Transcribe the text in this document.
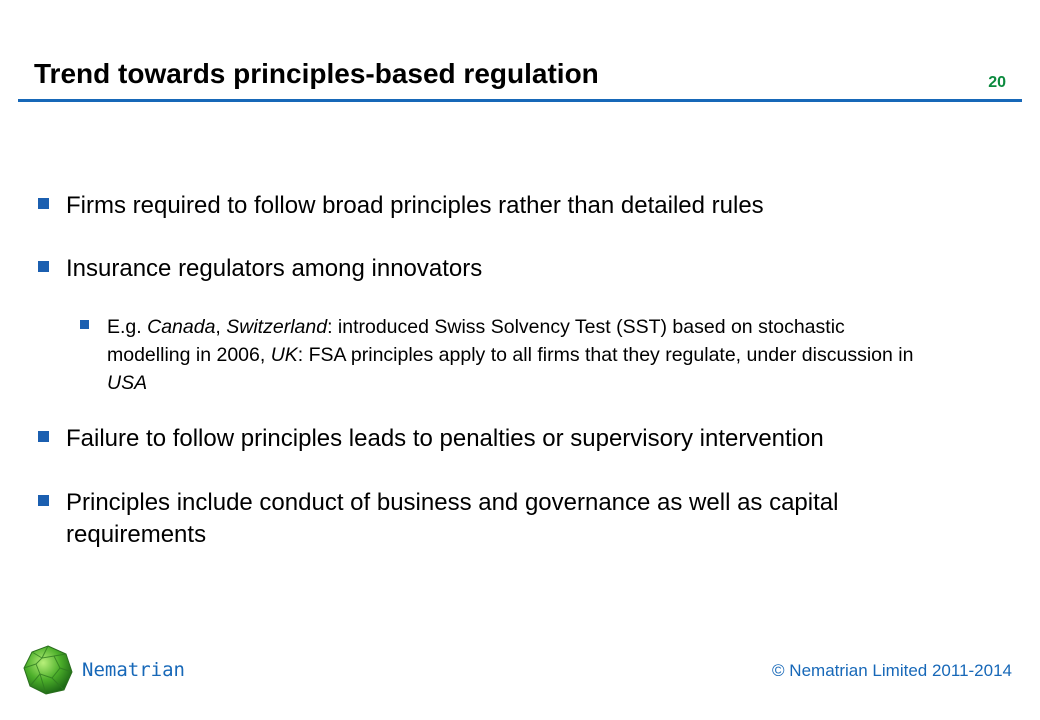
Trend towards principles-based regulation	20
Firms required to follow broad principles rather than detailed rules
Insurance regulators among innovators
E.g. Canada, Switzerland: introduced Swiss Solvency Test (SST) based on stochastic modelling in 2006, UK: FSA principles apply to all firms that they regulate, under discussion in USA
Failure to follow principles leads to penalties or supervisory intervention
Principles include conduct of business and governance as well as capital requirements
Nematrian	© Nematrian Limited 2011-2014
